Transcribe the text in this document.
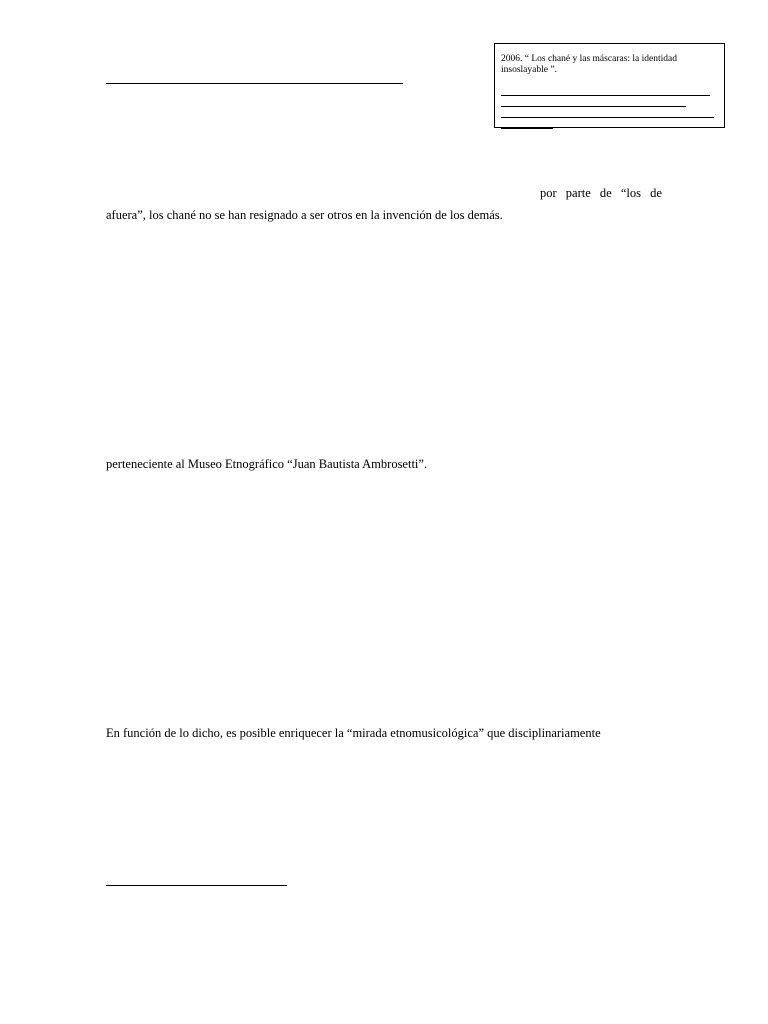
2006. “ Los chané y las máscaras: la identidad insoslayable ”.
por parte de “los de
afuera”, los chané no se han resignado a ser otros en la invención de los demás.
perteneciente al Museo Etnográfico “Juan Bautista Ambrosetti”.
En función de lo dicho, es posible enriquecer la “mirada etnomusicológica” que disciplinariamente
